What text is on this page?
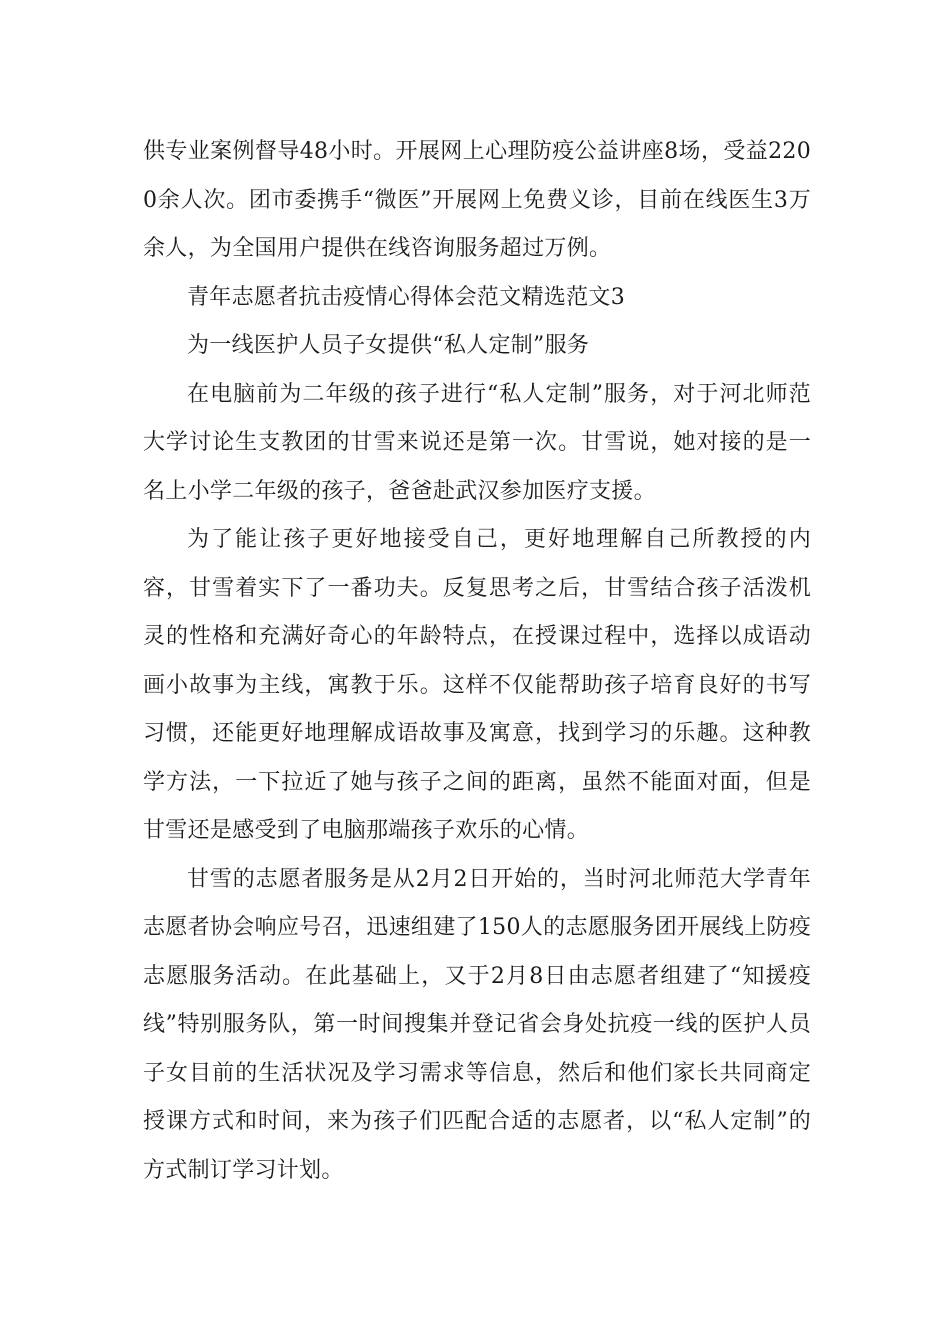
供专业案例督导48小时。开展网上心理防疫公益讲座8场，受益2200余人次。团市委携手“微医”开展网上免费义诊，目前在线医生3万余人，为全国用户提供在线咨询服务超过万例。

青年志愿者抗击疫情心得体会范文精选范文3

为一线医护人员子女提供“私人定制”服务

在电脑前为二年级的孩子进行“私人定制”服务，对于河北师范大学讨论生支教团的甘雪来说还是第一次。甘雪说，她对接的是一名上小学二年级的孩子，爸爸赴武汉参加医疗支援。

为了能让孩子更好地接受自己，更好地理解自己所教授的内容，甘雪着实下了一番功夫。反复思考之后，甘雪结合孩子活泼机灵的性格和充满好奇心的年龄特点，在授课过程中，选择以成语动画小故事为主线，寓教于乐。这样不仅能帮助孩子培育良好的书写习惯，还能更好地理解成语故事及寓意，找到学习的乐趣。这种教学方法，一下拉近了她与孩子之间的距离，虽然不能面对面，但是甘雪还是感受到了电脑那端孩子欢乐的心情。

甘雪的志愿者服务是从2月2日开始的，当时河北师范大学青年志愿者协会响应号召，迅速组建了150人的志愿服务团开展线上防疫志愿服务活动。在此基础上，又于2月8日由志愿者组建了“知援疫线”特别服务队，第一时间搜集并登记省会身处抗疫一线的医护人员子女目前的生活状况及学习需求等信息，然后和他们家长共同商定授课方式和时间，来为孩子们匹配合适的志愿者，以“私人定制”的方式制订学习计划。
